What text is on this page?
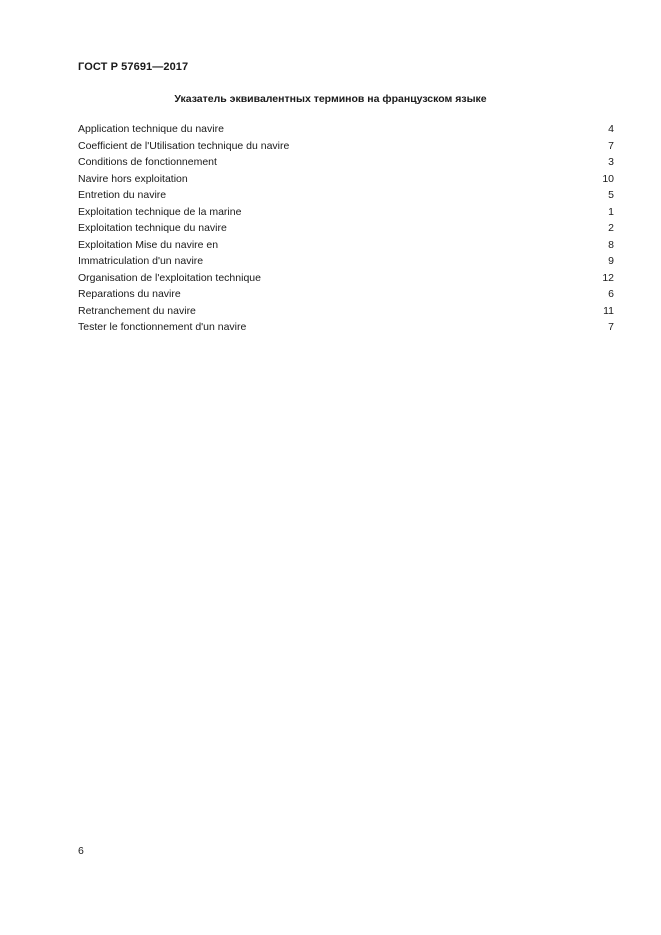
ГОСТ Р 57691—2017
Указатель эквивалентных терминов на французском языке
Application technique du navire	4
Coefficient de l'Utilisation technique du navire	7
Conditions de fonctionnement	3
Navire hors exploitation	10
Entretion du navire	5
Exploitation technique de la marine	1
Exploitation technique du navire	2
Exploitation Mise du navire en	8
Immatriculation d'un navire	9
Organisation de l'exploitation technique	12
Reparations du navire	6
Retranchement du navire	11
Tester le fonctionnement d'un navire	7
6
